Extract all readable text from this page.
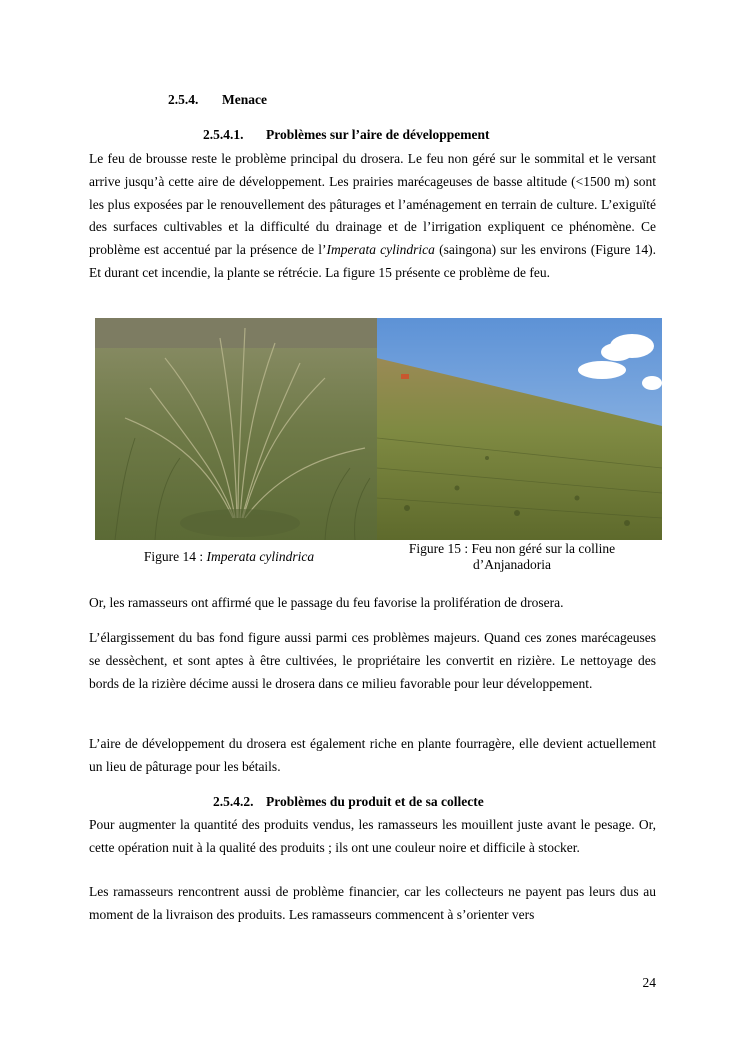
2.5.4. Menace
2.5.4.1. Problèmes sur l’aire de développement

Le feu de brousse reste le problème principal du drosera. Le feu non géré sur le sommital et le versant arrive jusqu’à cette aire de développement. Les prairies marécageuses de basse altitude (<1500 m) sont les plus exposées par le renouvellement des pâturages et l’aménagement en terrain de culture. L’exiguïté des surfaces cultivables et la difficulté du drainage et de l’irrigation expliquent ce phénomène. Ce problème est accentué par la présence de l’Imperata cylindrica (saingona) sur les environs (Figure 14). Et durant cet incendie, la plante se rétrécie. La figure 15 présente ce problème de feu.

Figure 14 : Imperata cylindrica
Figure 15 : Feu non géré sur la colline
d’Anjanadoria

Or, les ramasseurs ont affirmé que le passage du feu favorise la prolifération de drosera.

L’élargissement du bas fond figure aussi parmi ces problèmes majeurs. Quand ces zones marécageuses se dessèchent, et sont aptes à être cultivées, le propriétaire les convertit en rizière. Le nettoyage des bords de la rizière décime aussi le drosera dans ce milieu favorable pour leur développement.

L’aire de développement du drosera est également riche en plante fourragère, elle devient actuellement un lieu de pâturage pour les bétails.

2.5.4.2. Problèmes du produit et de sa collecte

Pour augmenter la quantité des produits vendus, les ramasseurs les mouillent juste avant le pesage. Or, cette opération nuit à la qualité des produits ; ils ont une couleur noire et difficile à stocker.

Les ramasseurs rencontrent aussi de problème financier, car les collecteurs ne payent pas leurs dus au moment de la livraison des produits. Les ramasseurs commencent à s’orienter vers

24
